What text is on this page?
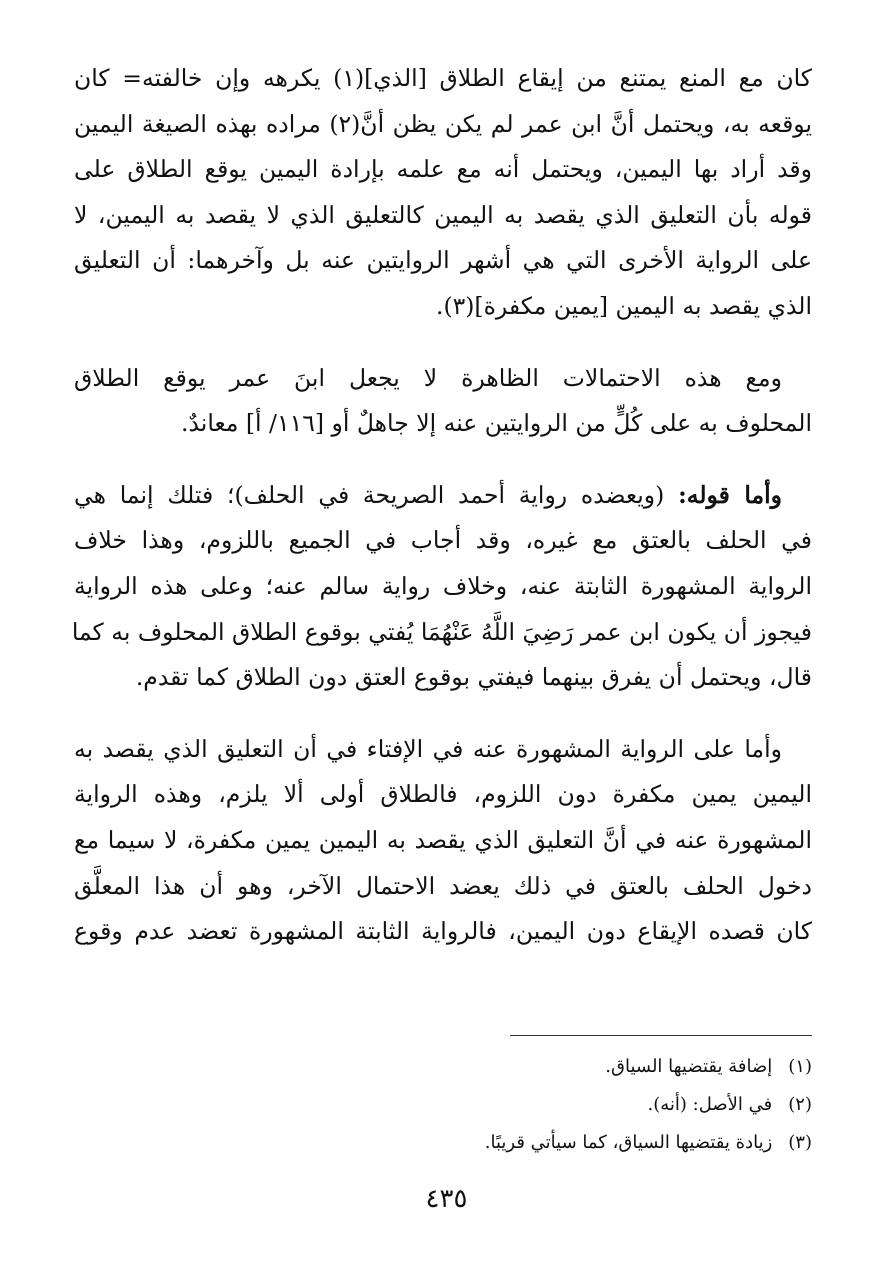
كان مع المنع يمتنع من إيقاع الطلاق [الذي](١) يكرهه وإن خالفته= كان
يوقعه به، ويحتمل أنَّ ابن عمر لم يكن يظن أنَّ(٢) مراده بهذه الصيغة اليمين
وقد أراد بها اليمين، ويحتمل أنه مع علمه بإرادة اليمين يوقع الطلاق على
قوله بأن التعليق الذي يقصد به اليمين كالتعليق الذي لا يقصد به اليمين، لا
على الرواية الأخرى التي هي أشهر الروايتين عنه بل وآخرهما: أن التعليق
الذي يقصد به اليمين [يمين مكفرة](٣).

ومع هذه الاحتمالات الظاهرة لا يجعل ابنَ عمر يوقع الطلاق
المحلوف به على كُلٍّ من الروايتين عنه إلا جاهلٌ أو [١١٦/ أ] معاندٌ.

وأما قوله: (ويعضده رواية أحمد الصريحة في الحلف)؛ فتلك إنما هي
في الحلف بالعتق مع غيره، وقد أجاب في الجميع باللزوم، وهذا خلاف
الرواية المشهورة الثابتة عنه، وخلاف رواية سالم عنه؛ وعلى هذه الرواية
فيجوز أن يكون ابن عمر رَضِيَ اللَّهُ عَنْهُمَا يُفتي بوقوع الطلاق المحلوف به كما
قال، ويحتمل أن يفرق بينهما فيفتي بوقوع العتق دون الطلاق كما تقدم.

وأما على الرواية المشهورة عنه في الإفتاء في أن التعليق الذي يقصد به
اليمين يمين مكفرة دون اللزوم، فالطلاق أولى ألا يلزم، وهذه الرواية
المشهورة عنه في أنَّ التعليق الذي يقصد به اليمين يمين مكفرة، لا سيما مع
دخول الحلف بالعتق في ذلك يعضد الاحتمال الآخر، وهو أن هذا المعلَّق
كان قصده الإيقاع دون اليمين، فالرواية الثابتة المشهورة تعضد عدم وقوع

(١) إضافة يقتضيها السياق.
(٢) في الأصل: (أنه).
(٣) زيادة يقتضيها السياق، كما سيأتي قريبًا.
٤٣٥
